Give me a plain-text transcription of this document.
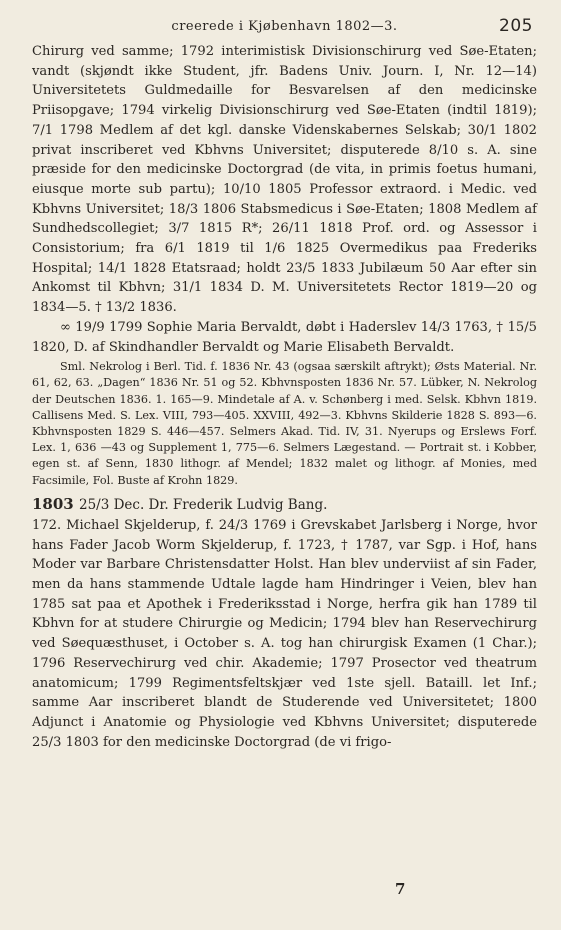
creerede i Kjøbenhavn 1802—3.	205

Chirurg ved samme; 1792 interimistisk Divisionschirurg ved Søe-Etaten; vandt (skjøndt ikke Student, jfr. Badens Univ. Journ. I, Nr. 12—14) Universitetets Guldmedaille for Besvarelsen af den medicinske Priisopgave; 1794 virkelig Divisionschirurg ved Søe-Etaten (indtil 1819); 7/1 1798 Medlem af det kgl. danske Videnskabernes Selskab; 30/1 1802 privat inscriberet ved Kbhvns Universitet; disputerede 8/10 s. A. sine præside for den medicinske Doctorgrad (de vita, in primis foetus humani, eiusque morte sub partu); 10/10 1805 Professor extraord. i Medic. ved Kbhvns Universitet; 18/3 1806 Stabsmedicus i Søe-Etaten; 1808 Medlem af Sundhedscollegiet; 3/7 1815 R*; 26/11 1818 Prof. ord. og Assessor i Consistorium; fra 6/1 1819 til 1/6 1825 Overmedikus paa Frederiks Hospital; 14/1 1828 Etatsraad; holdt 23/5 1833 Jubilæum 50 Aar efter sin Ankomst til Kbhvn; 31/1 1834 D. M. Universitetets Rector 1819—20 og 1834—5. † 13/2 1836.

∞ 19/9 1799 Sophie Maria Bervaldt, døbt i Haderslev 14/3 1763, † 15/5 1820, D. af Skindhandler Bervaldt og Marie Elisabeth Bervaldt.

Sml. Nekrolog i Berl. Tid. f. 1836 Nr. 43 (ogsaa særskilt aftrykt); Østs Material. Nr. 61, 62, 63. „Dagen“ 1836 Nr. 51 og 52. Kbhvnsposten 1836 Nr. 57. Lübker, N. Nekrolog der Deutschen 1836. 1. 165—9. Mindetale af A. v. Schønberg i med. Selsk. Kbhvn 1819. Callisens Med. S. Lex. VIII, 793—405. XXVIII, 492—3. Kbhvns Skilderie 1828 S. 893—6. Kbhvnsposten 1829 S. 446—457. Selmers Akad. Tid. IV, 31. Nyerups og Erslews Forf. Lex. 1, 636 —43 og Supplement 1, 775—6. Selmers Lægestand. — Portrait st. i Kobber, egen st. af Senn, 1830 lithogr. af Mendel; 1832 malet og lithogr. af Monies, med Facsimile, Fol. Buste af Krohn 1829.

1803 25/3 Dec. Dr. Frederik Ludvig Bang.

172. Michael Skjelderup, f. 24/3 1769 i Grevskabet Jarlsberg i Norge, hvor hans Fader Jacob Worm Skjelderup, f. 1723, † 1787, var Sgp. i Hof, hans Moder var Barbare Christensdatter Holst. Han blev underviist af sin Fader, men da hans stammende Udtale lagde ham Hindringer i Veien, blev han 1785 sat paa et Apothek i Frederiksstad i Norge, herfra gik han 1789 til Kbhvn for at studere Chirurgie og Medicin; 1794 blev han Reservechirurg ved Søequæsthuset, i October s. A. tog han chirurgisk Examen (1 Char.); 1796 Reservechirurg ved chir. Akademie; 1797 Prosector ved theatrum anatomicum; 1799 Regimentsfeltskjær ved 1ste sjell. Bataill. let Inf.; samme Aar inscriberet blandt de Studerende ved Universitetet; 1800 Adjunct i Anatomie og Physiologie ved Kbhvns Universitet; disputerede 25/3 1803 for den medicinske Doctorgrad (de vi frigo-

7
